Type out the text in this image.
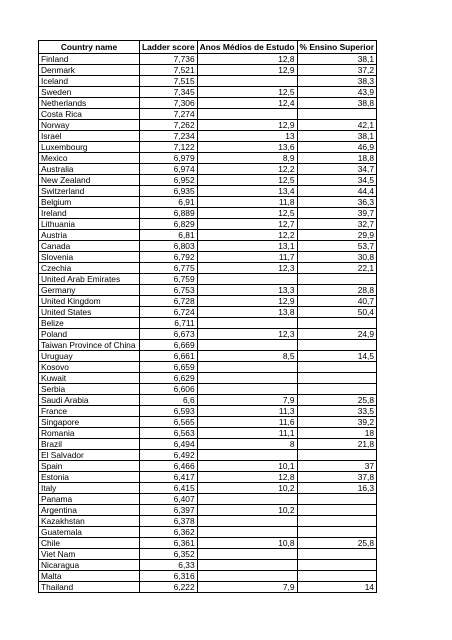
Country name	Ladder score	Anos Médios de Estudo	% Ensino Superior
Finland	7,736	12,8	38,1
Denmark	7,521	12,9	37,2
Iceland	7,515		38,3
Sweden	7,345	12,5	43,9
Netherlands	7,306	12,4	38,8
Costa Rica	7,274		
Norway	7,262	12,9	42,1
Israel	7,234	13	38,1
Luxembourg	7,122	13,6	46,9
Mexico	6,979	8,9	18,8
Australia	6,974	12,2	34,7
New Zealand	6,952	12,5	34,5
Switzerland	6,935	13,4	44,4
Belgium	6,91	11,8	36,3
Ireland	6,889	12,5	39,7
Lithuania	6,829	12,7	32,7
Austria	6,81	12,2	29,9
Canada	6,803	13,1	53,7
Slovenia	6,792	11,7	30,8
Czechia	6,775	12,3	22,1
United Arab Emirates	6,759		
Germany	6,753	13,3	28,8
United Kingdom	6,728	12,9	40,7
United States	6,724	13,8	50,4
Belize	6,711		
Poland	6,673	12,3	24,9
Taiwan Province of China	6,669		
Uruguay	6,661	8,5	14,5
Kosovo	6,659		
Kuwait	6,629		
Serbia	6,606		
Saudi Arabia	6,6	7,9	25,8
France	6,593	11,3	33,5
Singapore	6,565	11,6	39,2
Romania	6,563	11,1	18
Brazil	6,494	8	21,8
El Salvador	6,492		
Spain	6,466	10,1	37
Estonia	6,417	12,8	37,8
Italy	6,415	10,2	16,3
Panama	6,407		
Argentina	6,397	10,2	
Kazakhstan	6,378		
Guatemala	6,362		
Chile	6,361	10,8	25,8
Viet Nam	6,352		
Nicaragua	6,33		
Malta	6,316		
Thailand	6,222	7,9	14
